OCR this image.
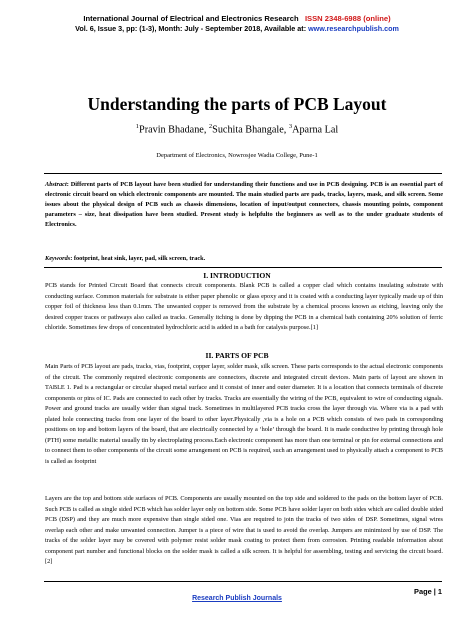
International Journal of Electrical and Electronics Research ISSN 2348-6988 (online)
Vol. 6, Issue 3, pp: (1-3), Month: July - September 2018, Available at: www.researchpublish.com
Understanding the parts of PCB Layout
$^1$Pravin Bhadane, $^2$Suchita Bhangale, $^3$Aparna Lal
Department of Electronics, Nowrosjee Wadia College, Pune-1
Abstract: Different parts of PCB layout have been studied for understanding their functions and use in PCB designing. PCB is an essential part of electronic circuit board on which electronic components are mounted. The main studied parts are pads, tracks, layers, mask, and silk screen. Some issues about the physical design of PCB such as chassis dimensions, location of input/output connectors, chassis mounting points, component parameters – size, heat dissipation have been studied. Present study is helpfulto the beginners as well as to the under graduate students of Electronics.
Keywords: footprint, heat sink, layer, pad, silk screen, track.
I. INTRODUCTION
PCB stands for Printed Circuit Board that connects circuit components. Blank PCB is called a copper clad which contains insulating substrate with conducting surface. Common materials for substrate is either paper phenolic or glass epoxy and it is coated with a conducting layer typically made up of thin copper foil of thickness less than 0.1mm. The unwanted copper is removed from the substrate by a chemical process known as etching, leaving only the desired copper traces or pathways also called as tracks. Generally itching is done by dipping the PCB in a chemical bath containing 20% solution of ferric chloride. Sometimes few drops of concentrated hydrochloric acid is added in a bath for catalysis purpose.[1]
II. PARTS OF PCB
Main Parts of PCB layout are pads, tracks, vias, footprint, copper layer, solder mask, silk screen. These parts corresponds to the actual electronic components of the circuit. The commonly required electronic components are connectors, discrete and integrated circuit devices. Main parts of layout are shown in TABLE 1. Pad is a rectangular or circular shaped metal surface and it consist of inner and outer diameter. It is a location that connects terminals of discrete components or pins of IC. Pads are connected to each other by tracks. Tracks are essentially the wiring of the PCB, equivalent to wire of conducting signals. Power and ground tracks are usually wider than signal track. Sometimes in multilayered PCB tracks cross the layer through via. Where via is a pad with plated hole connecting tracks from one layer of the board to other layer.Physically ,via is a hole on a PCB which consists of two pads in corresponding positions on top and bottom layers of the board, that are electrically connected by a ‘hole’ through the board. It is made conductive by printing through hole (PTH) some metallic material usually tin by electroplating process.Each electronic component has more than one terminal or pin for external connections and to connect them to other components of the circuit some arrangement on PCB is required, such an arrangement used to physically attach a component to PCB is called as footprint
Layers are the top and bottom side surfaces of PCB. Components are usually mounted on the top side and soldered to the pads on the bottom layer of PCB. Such PCB is called as single sided PCB which has solder layer only on bottom side. Some PCB have solder layer on both sides which are called double sided PCB (DSP) and they are much more expensive than single sided one. Vias are required to join the tracks of two sides of DSP. Sometimes, signal wires overlap each other and make unwanted connection. Jumper is a piece of wire that is used to avoid the overlap. Jumpers are minimized by use of DSP. The tracks of the solder layer may be covered with polymer resist solder mask coating to protect them from corrosion. Printing readable information about component part number and functional blocks on the solder mask is called a silk screen. It is helpful for assembling, testing and servicing the circuit board. [2]
Page | 1
Research Publish Journals
